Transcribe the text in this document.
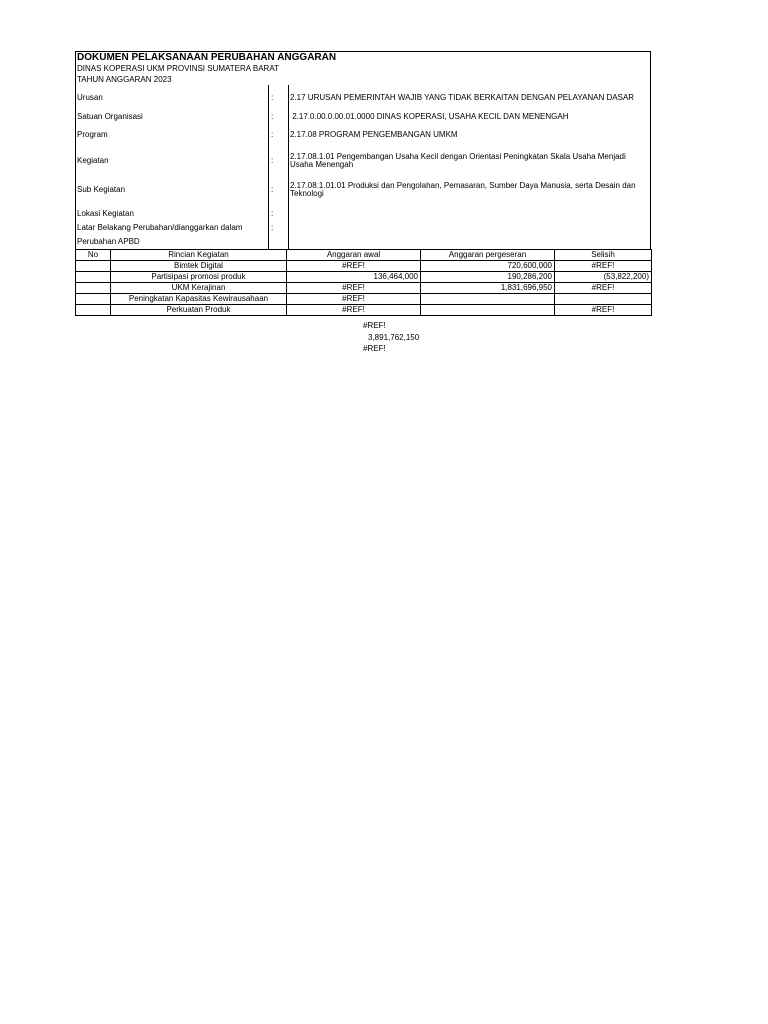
DOKUMEN PELAKSANAAN PERUBAHAN ANGGARAN
DINAS KOPERASI UKM PROVINSI SUMATERA BARAT
TAHUN ANGGARAN 2023
Urusan	:	2.17 URUSAN PEMERINTAH WAJIB YANG TIDAK BERKAITAN DENGAN PELAYANAN DASAR
Satuan Organisasi	:	2.17.0.00.0.00.01.0000 DINAS KOPERASI, USAHA KECIL DAN MENENGAH
Program	:	2.17.08 PROGRAM PENGEMBANGAN UMKM
Kegiatan	:	2.17.08.1.01 Pengembangan Usaha Kecil dengan Orientasi Peningkatan Skala Usaha Menjadi Usaha Menengah
Sub Kegiatan	:	2.17.08.1.01.01 Produksi dan Pengolahan, Pemasaran, Sumber Daya Manusia, serta Desain dan Teknologi
Lokasi Kegiatan	:	
Latar Belakang Perubahan/dianggarkan dalam	:	
Perubahan APBD		
No	Rincian Kegiatan	Anggaran awal	Anggaran pergeseran	Selisih
	Bimtek Digital	#REF!	720,600,000	#REF!
	Partisipasi promosi produk	136,464,000	190,286,200	(53,822,200)
	UKM Kerajinan	#REF!	1,831,696,950	#REF!
	Peningkatan Kapasitas Kewirausahaan	#REF!		
	Perkuatan Produk	#REF!		#REF!
#REF!
3,891,762,150
#REF!
